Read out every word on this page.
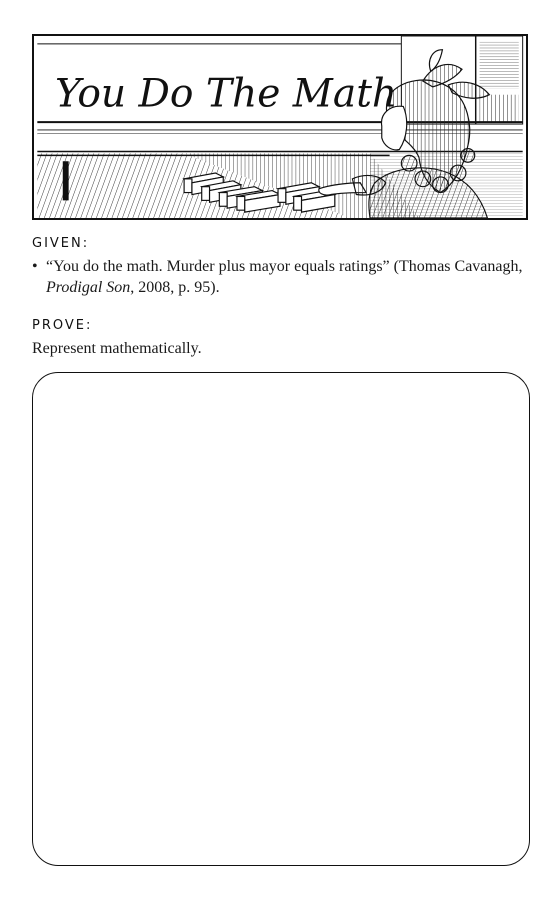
You Do The Math
GIVEN:
• “You do the math. Murder plus mayor equals ratings” (Thomas Cavanagh, Prodigal Son, 2008, p. 95).
PROVE:
Represent mathematically.
